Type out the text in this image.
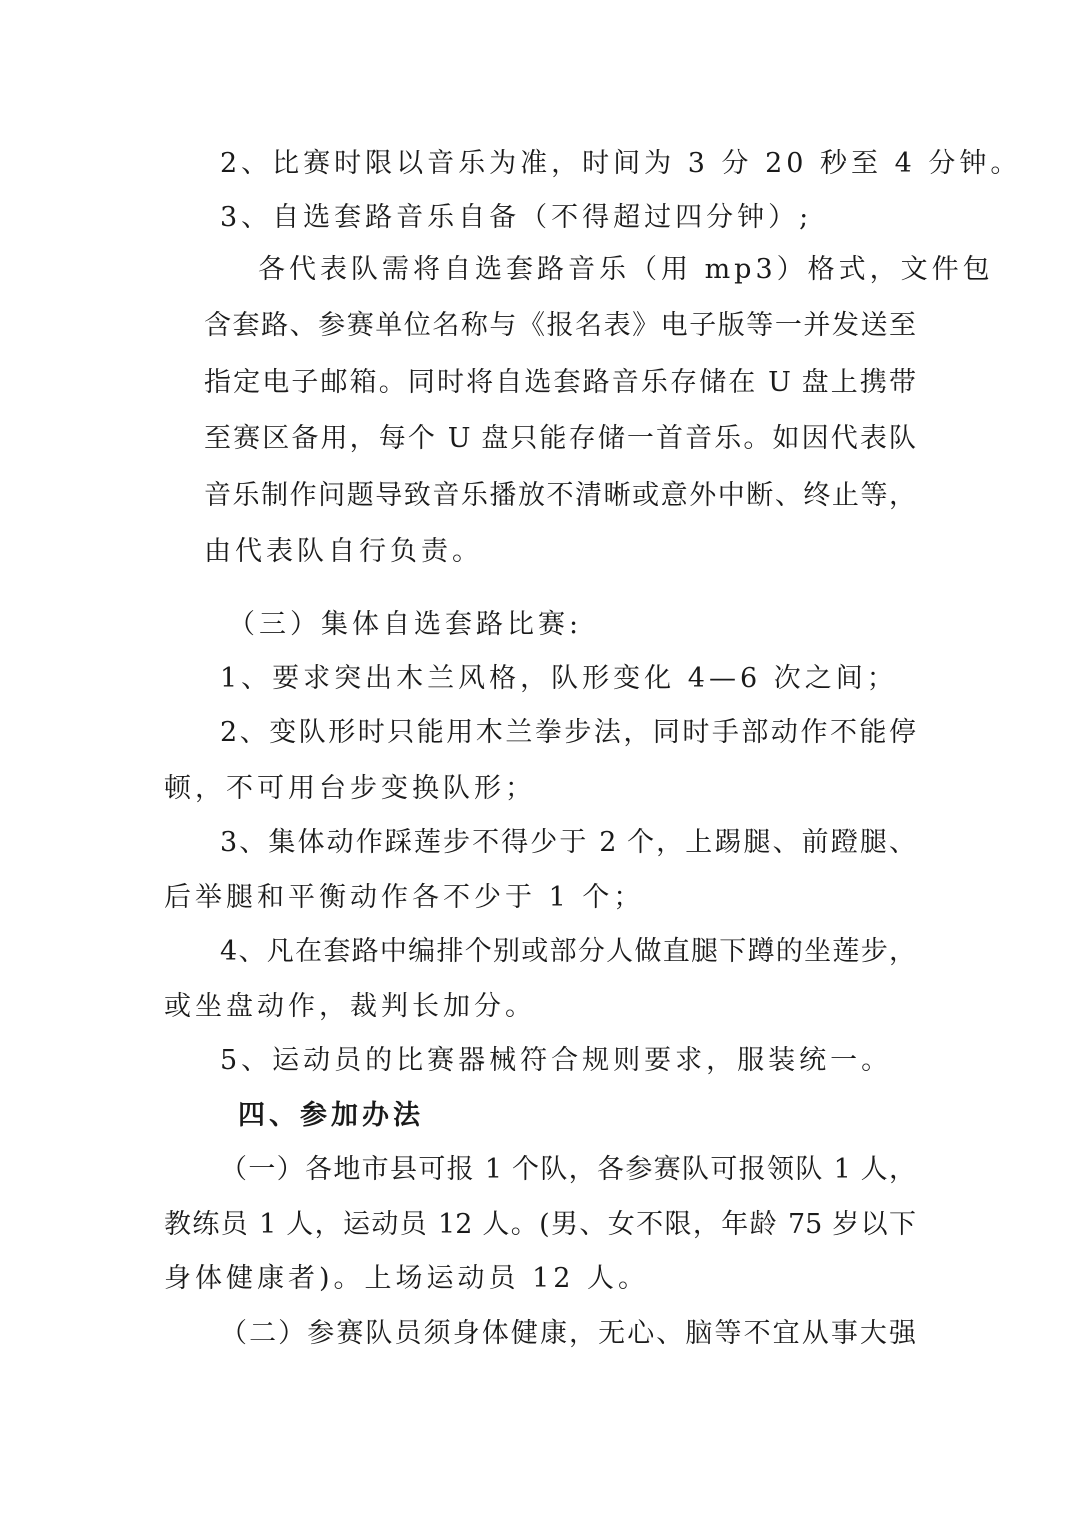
2、比赛时限以音乐为准，时间为 3 分 20 秒至 4 分钟。

3、自选套路音乐自备（不得超过四分钟）;

各代表队需将自选套路音乐（用 mp3）格式，文件包

含套路、参赛单位名称与《报名表》电子版等一并发送至

指定电子邮箱。同时将自选套路音乐存储在 U 盘上携带

至赛区备用，每个 U 盘只能存储一首音乐。如因代表队

音乐制作问题导致音乐播放不清晰或意外中断、终止等，

由代表队自行负责。

（三）集体自选套路比赛:

1、要求突出木兰风格，队形变化 4—6 次之间；

2、变队形时只能用木兰拳步法，同时手部动作不能停

顿，不可用台步变换队形；

3、集体动作踩莲步不得少于 2 个，上踢腿、前蹬腿、

后举腿和平衡动作各不少于 1 个；

4、凡在套路中编排个别或部分人做直腿下蹲的坐莲步，

或坐盘动作，裁判长加分。

5、运动员的比赛器械符合规则要求，服装统一。

四、参加办法

（一）各地市县可报 1 个队，各参赛队可报领队 1 人，

教练员 1 人，运动员 12 人。(男、女不限，年龄 75 岁以下

身体健康者)。上场运动员 12 人。

（二）参赛队员须身体健康，无心、脑等不宜从事大强
